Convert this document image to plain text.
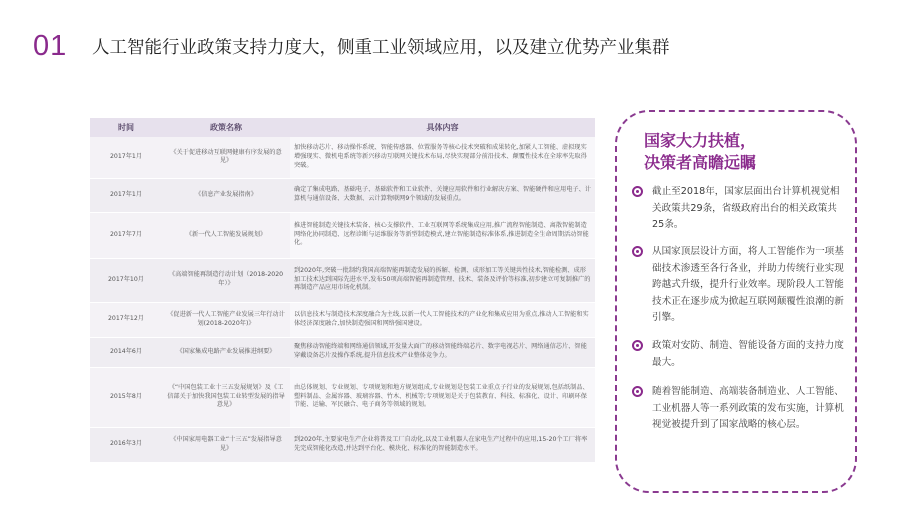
01 人工智能行业政策支持力度大，侧重工业领域应用，以及建立优势产业集群
时间	政策名称	具体内容
2017年1月	《关于促进移动互联网健康有序发展的意见》	加快移动芯片、移动操作系统、智能传感器、位置服务等核心技术突破和成果转化,加紧人工智能、虚拟现实增强现实、微机电系统等新兴移动互联网关键技术布局,尽快实现部分前沿技术、颠覆性技术在全球率先取得突破。
2017年1月	《信息产业发展指南》	确定了集成电路、基础电子、基础软件和工业软件、关键应用软件和行业解决方案、智能硬件和应用电子、计算机与通信设备、大数据、云计算物联网9个领域的发展重点。
2017年7月	《新一代人工智能发展规划》	推进智能制造关键技术装备、核心支撑软件、工业互联网等系统集成应用,推广流程智能制造、离散智能制造网络化协同制造、远程诊断与运维服务等新型制造模式,建立智能制造标准体系,推进制造全生命周期活动智能化。
2017年10月	《高端智能再制造行动计划（2018-2020年）》	到2020年,突破一批制约我国高端智能再制造发展的拆解、检测、成形加工等关键共性技术,智能检测、成形加工技术达到国际先进水平,发布50项高端智能再制造管理、技术、装备及评价等标准,初步建立可复制推广的再制造产品应用市场化机制。
2017年12月	《促进新一代人工智能产业发展三年行动计划(2018-2020年)》	以信息技术与制造技术深度融合为主线,以新一代人工智能技术的产业化和集成应用为重点,推动人工智能和实体经济深度融合,加快制造强国和网络强国建设。
2014年6月	《国家集成电路产业发展推进纲要》	聚焦移动智能终端和网络通信领域,开发量大面广的移动智能终端芯片、数字电视芯片、网络通信芯片、智能穿戴设备芯片及操作系统,提升信息技术产业整体竞争力。
2015年8月	《“中国包装工业十三五发展规划》及《工信部关于加快我国包装工业转型发展的指导意见》	由总体规划、专业规划、专项规划和地方规划组成,专业规划是包装工业重点子行业的发展规划,包括纸制品、塑料制品、金属容器、玻璃容器、竹木、机械等;专项规划是关于包装教育、科技、标准化、设计、印刷环保节能、运输、军民融合、电子商务等领域的规划。
2016年3月	《中国家用电器工业“十三五”发展指导意见》	到2020年,主要家电生产企业将普及工厂自动化,以及工业机器人在家电生产过程中的应用,15-20个工厂将率先完成智能化改造,并达到平台化、模块化、标准化的智能制造水平。
国家大力扶植，
决策者高瞻远瞩

截止至2018年，国家层面出台计算机视觉相关政策共29条，省级政府出台的相关政策共25条。

从国家顶层设计方面，将人工智能作为一项基础技术渗透至各行各业，并助力传统行业实现跨越式升级，提升行业效率。现阶段人工智能技术正在逐步成为掀起互联网颠覆性浪潮的新引擎。

政策对安防、制造、智能设备方面的支持力度最大。

随着智能制造、高端装备制造业、人工智能、工业机器人等一系列政策的发布实施，计算机视觉被提升到了国家战略的核心层。
